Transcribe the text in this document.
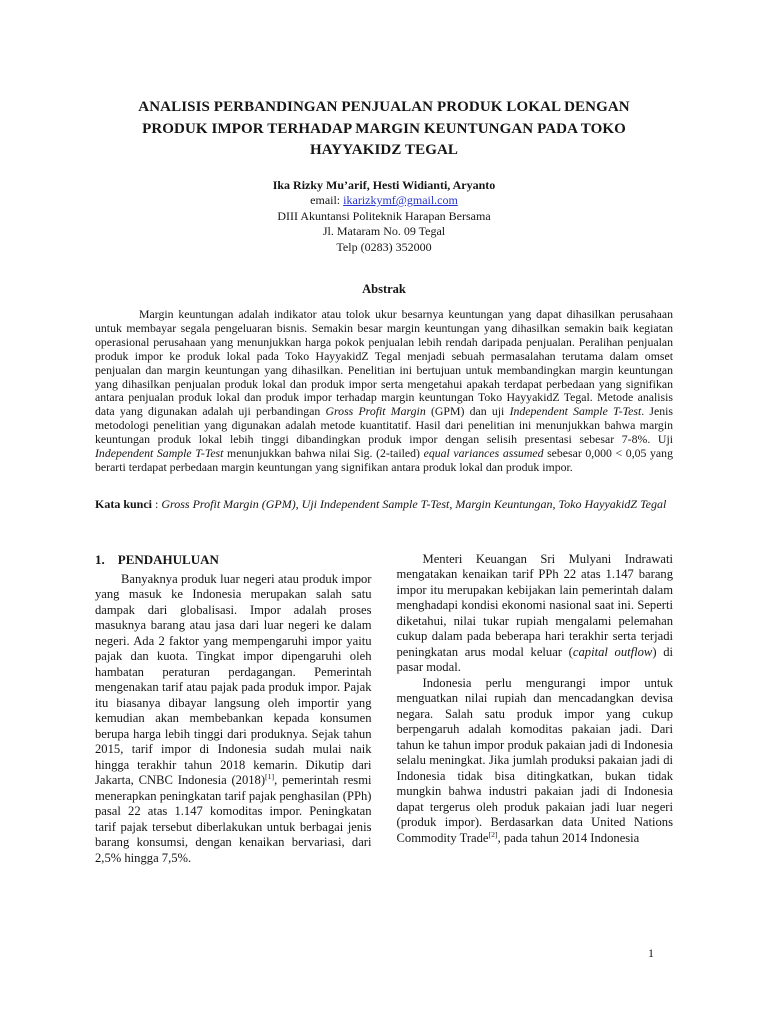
ANALISIS PERBANDINGAN PENJUALAN PRODUK LOKAL DENGAN
PRODUK IMPOR TERHADAP MARGIN KEUNTUNGAN PADA TOKO
HAYYAKIDZ TEGAL
Ika Rizky Mu’arif, Hesti Widianti, Aryanto
email: ikarizkymf@gmail.com
DIII Akuntansi Politeknik Harapan Bersama
Jl. Mataram No. 09 Tegal
Telp (0283) 352000
Abstrak

Margin keuntungan adalah indikator atau tolok ukur besarnya keuntungan yang dapat dihasilkan perusahaan untuk membayar segala pengeluaran bisnis. Semakin besar margin keuntungan yang dihasilkan semakin baik kegiatan operasional perusahaan yang menunjukkan harga pokok penjualan lebih rendah daripada penjualan. Peralihan penjualan produk impor ke produk lokal pada Toko HayyakidZ Tegal menjadi sebuah permasalahan terutama dalam omset penjualan dan margin keuntungan yang dihasilkan. Penelitian ini bertujuan untuk membandingkan margin keuntungan yang dihasilkan penjualan produk lokal dan produk impor serta mengetahui apakah terdapat perbedaan yang signifikan antara penjualan produk lokal dan produk impor terhadap margin keuntungan Toko HayyakidZ Tegal. Metode analisis data yang digunakan adalah uji perbandingan Gross Profit Margin (GPM) dan uji Independent Sample T-Test. Jenis metodologi penelitian yang digunakan adalah metode kuantitatif. Hasil dari penelitian ini menunjukkan bahwa margin keuntungan produk lokal lebih tinggi dibandingkan produk impor dengan selisih presentasi sebesar 7-8%. Uji Independent Sample T-Test menunjukkan bahwa nilai Sig. (2-tailed) equal variances assumed sebesar 0,000 < 0,05 yang berarti terdapat perbedaan margin keuntungan yang signifikan antara produk lokal dan produk impor.

Kata kunci : Gross Profit Margin (GPM), Uji Independent Sample T-Test, Margin Keuntungan, Toko HayyakidZ Tegal
1. PENDAHULUAN

Banyaknya produk luar negeri atau produk impor yang masuk ke Indonesia merupakan salah satu dampak dari globalisasi. Impor adalah proses masuknya barang atau jasa dari luar negeri ke dalam negeri. Ada 2 faktor yang mempengaruhi impor yaitu pajak dan kuota. Tingkat impor dipengaruhi oleh hambatan peraturan perdagangan. Pemerintah mengenakan tarif atau pajak pada produk impor. Pajak itu biasanya dibayar langsung oleh importir yang kemudian akan membebankan kepada konsumen berupa harga lebih tinggi dari produknya. Sejak tahun 2015, tarif impor di Indonesia sudah mulai naik hingga terakhir tahun 2018 kemarin. Dikutip dari Jakarta, CNBC Indonesia (2018)[1], pemerintah resmi menerapkan peningkatan tarif pajak penghasilan (PPh) pasal 22 atas 1.147 komoditas impor. Peningkatan tarif pajak tersebut diberlakukan untuk berbagai jenis barang konsumsi, dengan kenaikan bervariasi, dari 2,5% hingga 7,5%.

Menteri Keuangan Sri Mulyani Indrawati mengatakan kenaikan tarif PPh 22 atas 1.147 barang impor itu merupakan kebijakan lain pemerintah dalam menghadapi kondisi ekonomi nasional saat ini. Seperti diketahui, nilai tukar rupiah mengalami pelemahan cukup dalam pada beberapa hari terakhir serta terjadi peningkatan arus modal keluar (capital outflow) di pasar modal.

Indonesia perlu mengurangi impor untuk menguatkan nilai rupiah dan mencadangkan devisa negara. Salah satu produk impor yang cukup berpengaruh adalah komoditas pakaian jadi. Dari tahun ke tahun impor produk pakaian jadi di Indonesia selalu meningkat. Jika jumlah produksi pakaian jadi di Indonesia tidak bisa ditingkatkan, bukan tidak mungkin bahwa industri pakaian jadi di Indonesia dapat tergerus oleh produk pakaian jadi luar negeri (produk impor). Berdasarkan data United Nations Commodity Trade[2], pada tahun 2014 Indonesia

1
